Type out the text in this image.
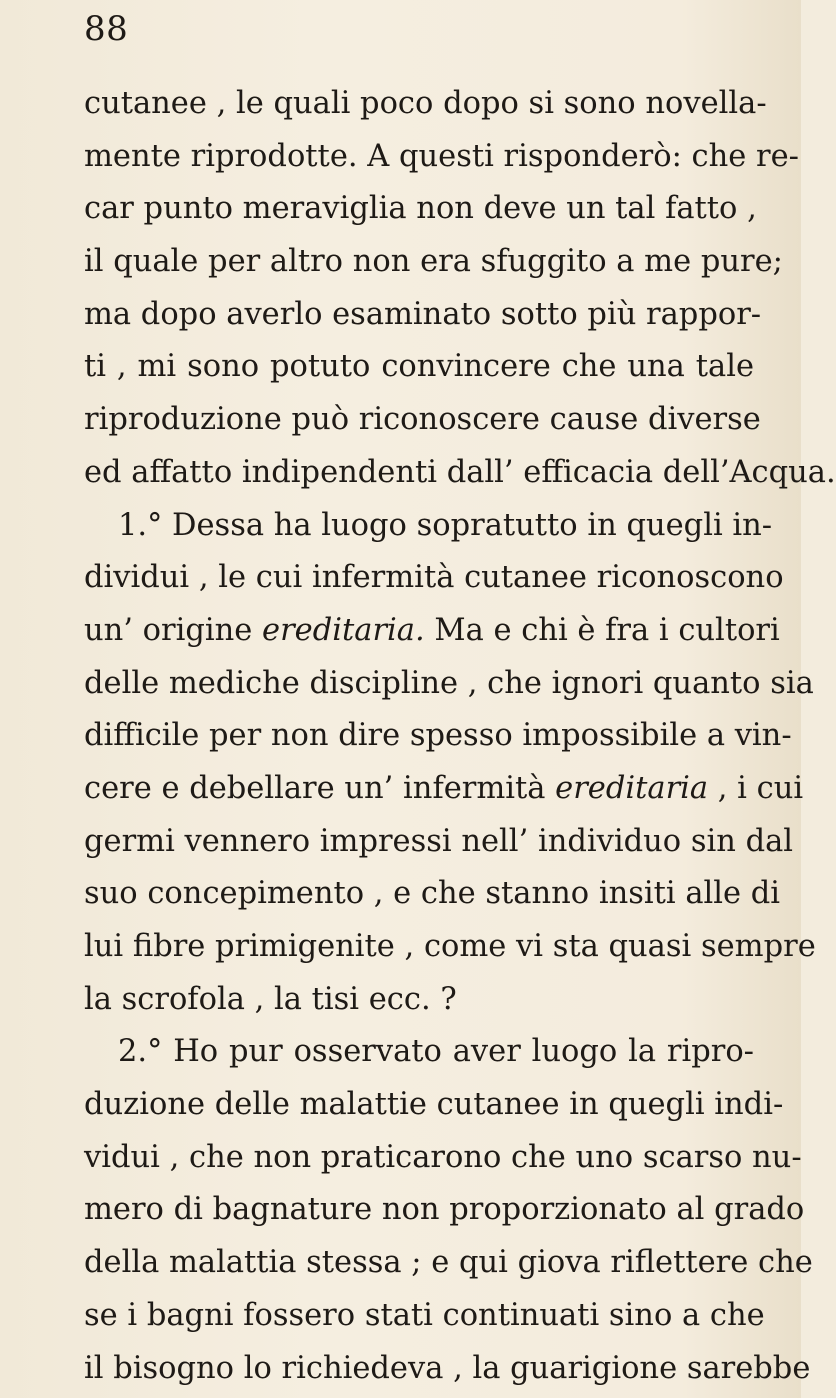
88
cutanee , le quali poco dopo si sono novella-
mente riprodotte. A questi risponderò: che re-
car punto meraviglia non deve un tal fatto ,
il quale per altro non era sfuggito a me pure;
ma dopo averlo esaminato sotto più rappor-
ti , mi sono potuto convincere che una tale
riproduzione può riconoscere cause diverse
ed affatto indipendenti dall’ efficacia dell’Acqua.
1.° Dessa ha luogo sopratutto in quegli in-
dividui , le cui infermità cutanee riconoscono
un’ origine ereditaria. Ma e chi è fra i cultori
delle mediche discipline , che ignori quanto sia
difficile per non dire spesso impossibile a vin-
cere e debellare un’ infermità ereditaria , i cui
germi vennero impressi nell’ individuo sin dal
suo concepimento , e che stanno insiti alle di
lui fibre primigenite , come vi sta quasi sempre
la scrofola , la tisi ecc. ?
2.° Ho pur osservato aver luogo la ripro-
duzione delle malattie cutanee in quegli indi-
vidui , che non praticarono che uno scarso nu-
mero di bagnature non proporzionato al grado
della malattia stessa ; e qui giova riflettere che
se i bagni fossero stati continuati sino a che
il bisogno lo richiedeva , la guarigione sarebbe
